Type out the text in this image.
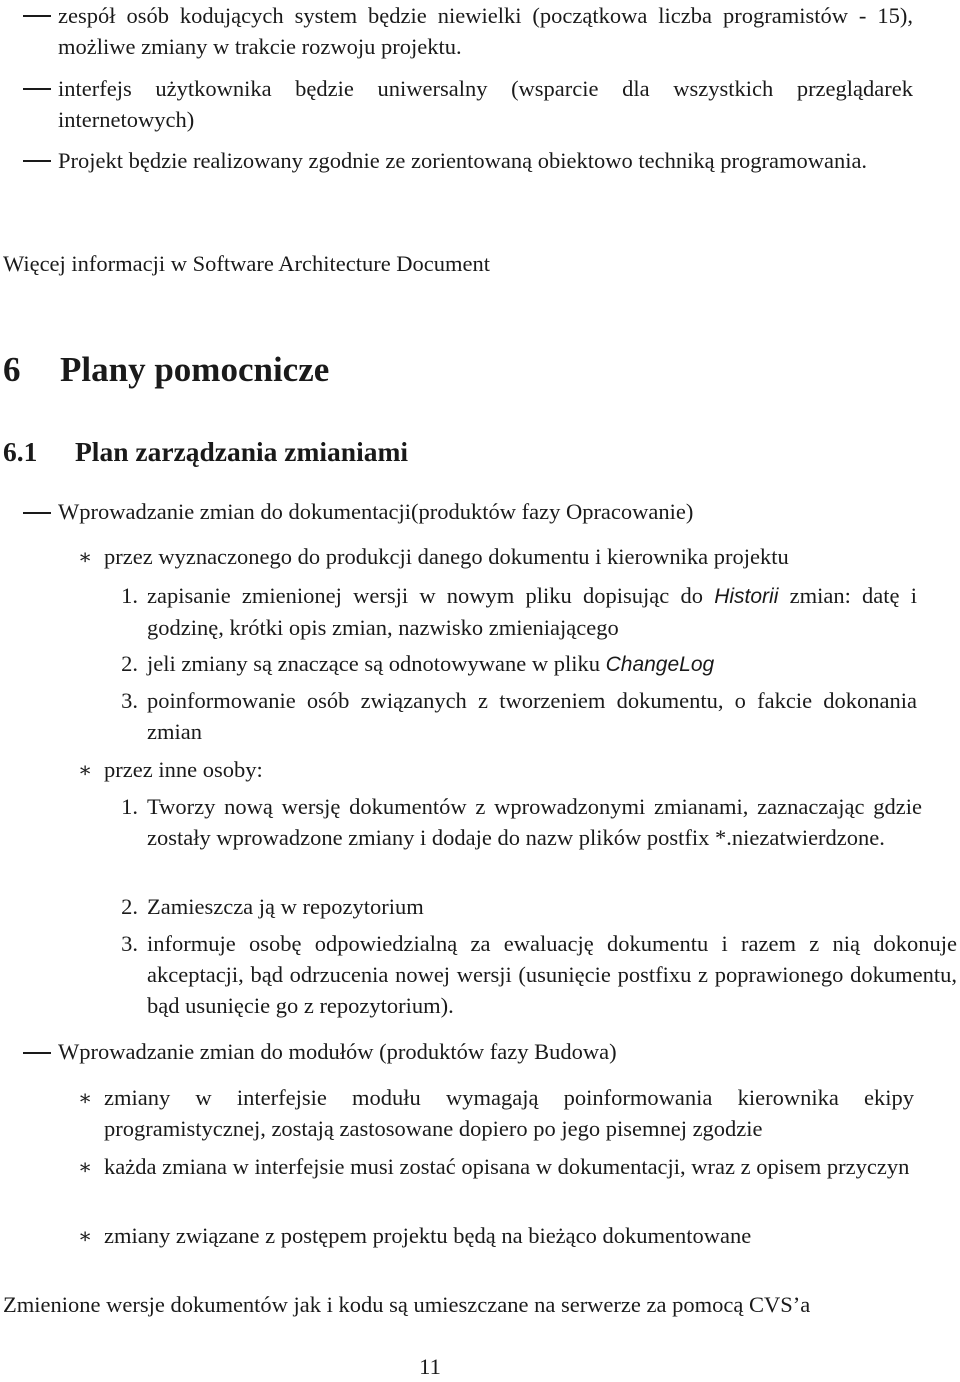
zespół osób kodujących system będzie niewielki (początkowa liczba programistów - 15), możliwe zmiany w trakcie rozwoju projektu.

interfejs użytkownika będzie uniwersalny (wsparcie dla wszystkich przeglądarek internetowych)

Projekt będzie realizowany zgodnie ze zorientowaną obiektowo techniką programowania.

Więcej informacji w Software Architecture Document

6 Plany pomocnicze
6.1 Plan zarządzania zmianiami

Wprowadzanie zmian do dokumentacji(produktów fazy Opracowanie)

∗ przez wyznaczonego do produkcji danego dokumentu i kierownika projektu

1. zapisanie zmienionej wersji w nowym pliku dopisując do Historii zmian: datę i godzinę, krótki opis zmian, nazwisko zmieniającego

2. jeli zmiany są znaczące są odnotowywane w pliku ChangeLog

3. poinformowanie osób związanych z tworzeniem dokumentu, o fakcie dokonania zmian

∗ przez inne osoby:

1. Tworzy nową wersję dokumentów z wprowadzonymi zmianami, zaznaczając gdzie zostały wprowadzone zmiany i dodaje do nazw plików postfix *.niezatwierdzone.

2. Zamieszcza ją w repozytorium

3. informuje osobę odpowiedzialną za ewaluację dokumentu i razem z nią dokonuje akceptacji, bąd odrzucenia nowej wersji (usunięcie postfixu z poprawionego dokumentu, bąd usunięcie go z repozytorium).

Wprowadzanie zmian do modułów (produktów fazy Budowa)

∗ zmiany w interfejsie modułu wymagają poinformowania kierownika ekipy programistycznej, zostają zastosowane dopiero po jego pisemnej zgodzie

∗ każda zmiana w interfejsie musi zostać opisana w dokumentacji, wraz z opisem przyczyn

∗ zmiany związane z postępem projektu będą na bieżąco dokumentowane

Zmienione wersje dokumentów jak i kodu są umieszczane na serwerze za pomocą CVS’a

11
